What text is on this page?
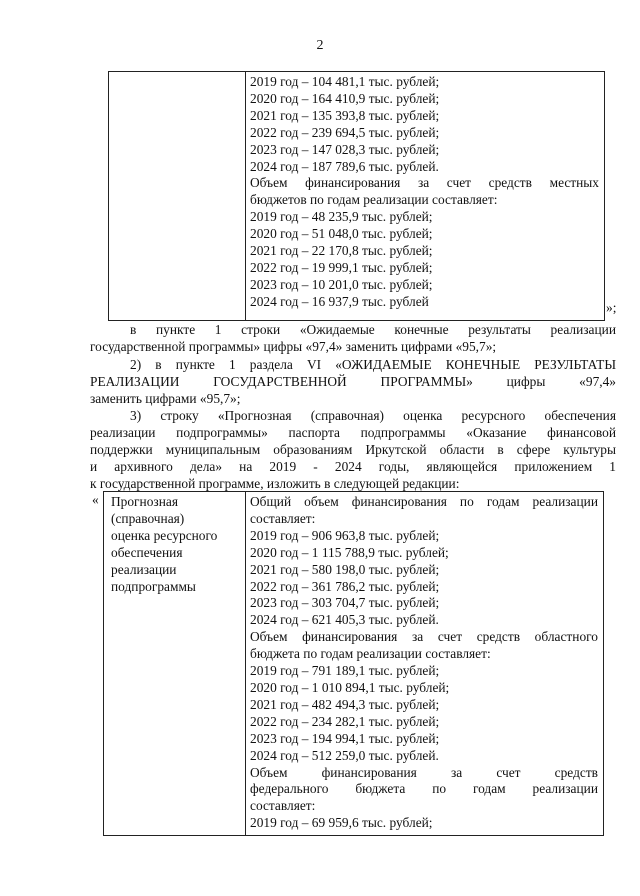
2
2019 год – 104 481,1 тыс. рублей;
2020 год – 164 410,9 тыс. рублей;
2021 год – 135 393,8 тыс. рублей;
2022 год – 239 694,5 тыс. рублей;
2023 год – 147 028,3 тыс. рублей;
2024 год – 187 789,6 тыс. рублей.
Объем финансирования за счет средств местных
бюджетов по годам реализации составляет:
2019 год – 48 235,9 тыс. рублей;
2020 год – 51 048,0 тыс. рублей;
2021 год – 22 170,8 тыс. рублей;
2022 год – 19 999,1 тыс. рублей;
2023 год – 10 201,0 тыс. рублей;
2024 год – 16 937,9 тыс. рублей	»;

в пункте 1 строки «Ожидаемые конечные результаты реализации

государственной программы» цифры «97,4» заменить цифрами «95,7»;

2) в пункте 1 раздела VI «ОЖИДАЕМЫЕ КОНЕЧНЫЕ РЕЗУЛЬТАТЫ

РЕАЛИЗАЦИИ ГОСУДАРСТВЕННОЙ ПРОГРАММЫ» цифры «97,4»

заменить цифрами «95,7»;

3) строку «Прогнозная (справочная) оценка ресурсного обеспечения

реализации подпрограммы» паспорта подпрограммы «Оказание финансовой

поддержки муниципальным образованиям Иркутской области в сфере культуры

и архивного дела» на 2019 - 2024 годы, являющейся приложением 1

к государственной программе, изложить в следующей редакции:

« Прогнозная
(справочная)
оценка ресурсного
обеспечения
реализации
подпрограммы
Общий объем финансирования по годам реализации
составляет:
2019 год – 906 963,8 тыс. рублей;
2020 год – 1 115 788,9 тыс. рублей;
2021 год – 580 198,0 тыс. рублей;
2022 год – 361 786,2 тыс. рублей;
2023 год – 303 704,7 тыс. рублей;
2024 год – 621 405,3 тыс. рублей.
Объем финансирования за счет средств областного
бюджета по годам реализации составляет:
2019 год – 791 189,1 тыс. рублей;
2020 год – 1 010 894,1 тыс. рублей;
2021 год – 482 494,3 тыс. рублей;
2022 год – 234 282,1 тыс. рублей;
2023 год – 194 994,1 тыс. рублей;
2024 год – 512 259,0 тыс. рублей.
Объем финансирования за счет средств
федерального бюджета по годам реализации
составляет:
2019 год – 69 959,6 тыс. рублей;
